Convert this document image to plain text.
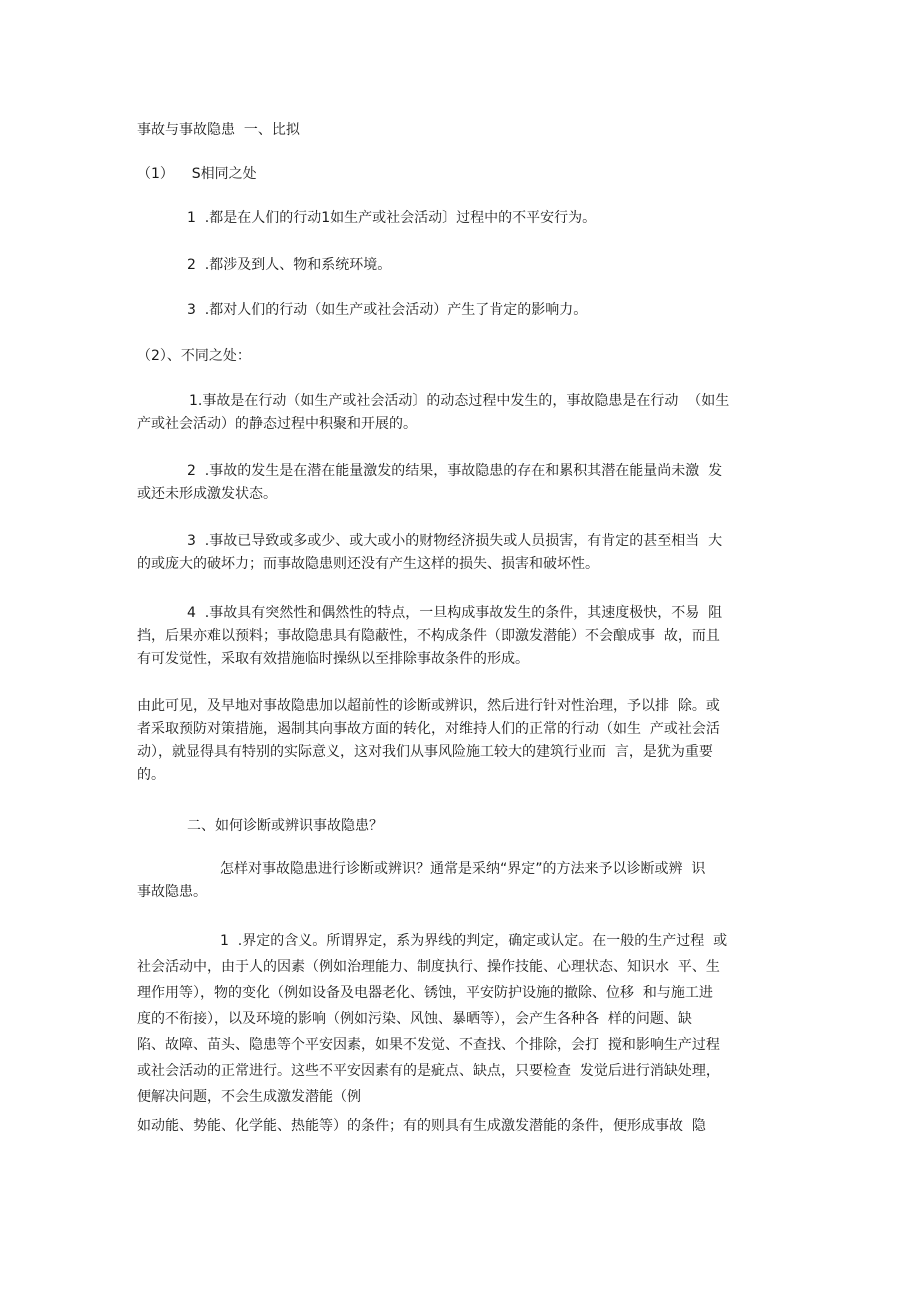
事故与事故隐患  一、比拟

（1）    S相同之处

1  .都是在人们的行动1如生产或社会活动〕过程中的不平安行为。

2  .都涉及到人、物和系统环境。

3  .都对人们的行动（如生产或社会活动）产生了肯定的影响力。

（2）、不同之处：

1.事故是在行动（如生产或社会活动〕的动态过程中发生的，事故隐患是在行动  （如生
产或社会活动）的静态过程中积聚和开展的。

2  .事故的发生是在潜在能量激发的结果，事故隐患的存在和累积其潜在能量尚未激  发
或还未形成激发状态。

3  .事故已导致或多或少、或大或小的财物经济损失或人员损害，有肯定的甚至相当  大
的或庞大的破坏力；而事故隐患则还没有产生这样的损失、损害和破坏性。

4  .事故具有突然性和偶然性的特点，一旦构成事故发生的条件，其速度极快，不易  阻
挡，后果亦难以预料；事故隐患具有隐蔽性，不构成条件（即激发潜能）不会酿成事  故，而且
有可发觉性，采取有效措施临时操纵以至排除事故条件的形成。

由此可见，及早地对事故隐患加以超前性的诊断或辨识，然后进行针对性治理，予以排  除。或
者采取预防对策措施，遏制其向事故方面的转化，对维持人们的正常的行动（如生  产或社会活
动），就显得具有特别的实际意义，这对我们从事风险施工较大的建筑行业而  言，是犹为重要
的。

二、如何诊断或辨识事故隐患？

怎样对事故隐患进行诊断或辨识？通常是采纳“界定”的方法来予以诊断或辨  识
事故隐患。

1  .界定的含义。所谓界定，系为界线的判定，确定或认定。在一般的生产过程  或
社会活动中，由于人的因素（例如治理能力、制度执行、操作技能、心理状态、知识水  平、生
理作用等），物的变化（例如设备及电器老化、锈蚀，平安防护设施的撤除、位移  和与施工进
度的不衔接），以及环境的影响（例如污染、风蚀、暴晒等），会产生各种各  样的问题、缺
陷、故障、苗头、隐患等个平安因素，如果不发觉、不查找、个排除，会打  搅和影响生产过程
或社会活动的正常进行。这些不平安因素有的是疵点、缺点，只要检查  发觉后进行消缺处理，
便解决问题，不会生成激发潜能（例

如动能、势能、化学能、热能等）的条件；有的则具有生成激发潜能的条件，便形成事故  隐
